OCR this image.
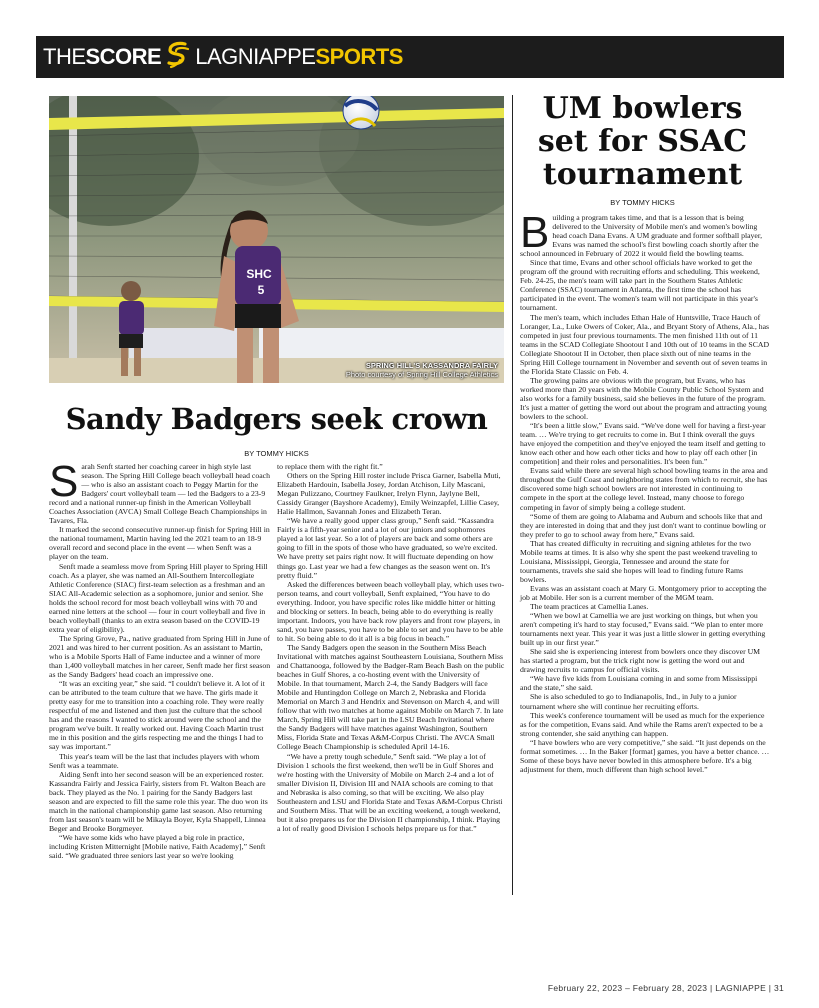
THE SCORE LAGNIAPPE SPORTS
SHC
5
SPRING HILL'S KASSANDRA FAIRLY
Photo courtesy of Spring Hill College Athletics
Sandy Badgers seek crown
BY TOMMY HICKS

Sarah Senft started her coaching career in high style last season. The Spring Hill College beach volleyball head coach — who is also an assistant coach to Peggy Martin for the Badgers' court volleyball team — led the Badgers to a 23-9 record and a national runner-up finish in the American Volleyball Coaches Association (AVCA) Small College Beach Championships in Tavares, Fla.

It marked the second consecutive runner-up finish for Spring Hill in the national tournament, Martin having led the 2021 team to an 18-9 overall record and second place in the event — when Senft was a player on the team.

Senft made a seamless move from Spring Hill player to Spring Hill coach. As a player, she was named an All-Southern Intercollegiate Athletic Conference (SIAC) first-team selection as a freshman and an SIAC All-Academic selection as a sophomore, junior and senior. She holds the school record for most beach volleyball wins with 70 and earned nine letters at the school — four in court volleyball and five in beach volleyball (thanks to an extra season based on the COVID-19 extra year of eligibility).

The Spring Grove, Pa., native graduated from Spring Hill in June of 2021 and was hired to her current position. As an assistant to Martin, who is a Mobile Sports Hall of Fame inductee and a winner of more than 1,400 volleyball matches in her career, Senft made her first season as the Sandy Badgers' head coach an impressive one.

“It was an exciting year,” she said. “I couldn't believe it. A lot of it can be attributed to the team culture that we have. The girls made it pretty easy for me to transition into a coaching role. They were really respectful of me and listened and then just the culture that the school has and the reasons I wanted to stick around were the school and the program we've built. It really worked out. Having Coach Martin trust me in this position and the girls respecting me and the things I had to say was important.”

This year's team will be the last that includes players with whom Senft was a teammate.

Aiding Senft into her second season will be an experienced roster. Kassandra Fairly and Jessica Fairly, sisters from Ft. Walton Beach are back. They played as the No. 1 pairing for the Sandy Badgers last season and are expected to fill the same role this year. The duo won its match in the national championship game last season. Also returning from last season's team will be Mikayla Boyer, Kyla Shappell, Linnea Beger and Brooke Borgmeyer.

“We have some kids who have played a big role in practice, including Kristen Mitternight [Mobile native, Faith Academy],” Senft said. “We graduated three seniors last year so we're looking

to replace them with the right fit.”

Others on the Spring Hill roster include Prisca Garner, Isabella Muti, Elizabeth Hardouin, Isabella Josey, Jordan Atchison, Lily Mascani, Megan Pulizzano, Courtney Faulkner, Irelyn Flynn, Jaylyne Bell, Cassidy Granger (Bayshore Academy), Emily Weinzapfel, Lillie Casey, Halie Hallmon, Savannah Jones and Elizabeth Teran.

“We have a really good upper class group,” Senft said. “Kassandra Fairly is a fifth-year senior and a lot of our juniors and sophomores played a lot last year. So a lot of players are back and some others are going to fill in the spots of those who have graduated, so we're excited. We have pretty set pairs right now. It will fluctuate depending on how things go. Last year we had a few changes as the season went on. It's pretty fluid.”

Asked the differences between beach volleyball play, which uses two-person teams, and court volleyball, Senft explained, “You have to do everything. Indoor, you have specific roles like middle hitter or hitting and blocking or setters. In beach, being able to do everything is really important. Indoors, you have back row players and front row players, in sand, you have passes, you have to be able to set and you have to be able to hit. So being able to do it all is a big focus in beach.”

The Sandy Badgers open the season in the Southern Miss Beach Invitational with matches against Southeastern Louisiana, Southern Miss and Chattanooga, followed by the Badger-Ram Beach Bash on the public beaches in Gulf Shores, a co-hosting event with the University of Mobile. In that tournament, March 2-4, the Sandy Badgers will face Mobile and Huntingdon College on March 2, Nebraska and Florida Memorial on March 3 and Hendrix and Stevenson on March 4, and will follow that with two matches at home against Mobile on March 7. In late March, Spring Hill will take part in the LSU Beach Invitational where the Sandy Badgers will have matches against Washington, Southern Miss, Florida State and Texas A&M-Corpus Christi. The AVCA Small College Beach Championship is scheduled April 14-16.

“We have a pretty tough schedule,” Senft said. “We play a lot of Division 1 schools the first weekend, then we'll be in Gulf Shores and we're hosting with the University of Mobile on March 2-4 and a lot of smaller Division II, Division III and NAIA schools are coming to that and Nebraska is also coming, so that will be exciting. We also play Southeastern and LSU and Florida State and Texas A&M-Corpus Christi and Southern Miss. That will be an exciting weekend, a tough weekend, but it also prepares us for the Division II championship, I think. Playing a lot of really good Division I schools helps prepare us for that.”

UM bowlers set for SSAC tournament
BY TOMMY HICKS

Building a program takes time, and that is a lesson that is being delivered to the University of Mobile men's and women's bowling head coach Dana Evans. A UM graduate and former softball player, Evans was named the school's first bowling coach shortly after the school announced in February of 2022 it would field the bowling teams.

Since that time, Evans and other school officials have worked to get the program off the ground with recruiting efforts and scheduling. This weekend, Feb. 24-25, the men's team will take part in the Southern States Athletic Conference (SSAC) tournament in Atlanta, the first time the school has participated in the event. The women's team will not participate in this year's tournament.

The men's team, which includes Ethan Hale of Huntsville, Trace Hauch of Loranger, La., Luke Owers of Coker, Ala., and Bryant Story of Athens, Ala., has competed in just four previous tournaments. The men finished 11th out of 11 teams in the SCAD Collegiate Shootout I and 10th out of 10 teams in the SCAD Collegiate Shootout II in October, then place sixth out of nine teams in the Spring Hill College tournament in November and seventh out of seven teams in the Florida State Classic on Feb. 4.

The growing pains are obvious with the program, but Evans, who has worked more than 20 years with the Mobile County Public School System and also works for a family business, said she believes in the future of the program. It's just a matter of getting the word out about the program and attracting young bowlers to the school.

“It's been a little slow,” Evans said. “We've done well for having a first-year team. … We're trying to get recruits to come in. But I think overall the guys have enjoyed the competition and they've enjoyed the team itself and getting to know each other and how each other ticks and how to play off each other [in competition] and their roles and personalities. It's been fun.”

Evans said while there are several high school bowling teams in the area and throughout the Gulf Coast and neighboring states from which to recruit, she has discovered some high school bowlers are not interested in continuing to compete in the sport at the college level. Instead, many choose to forego competing in favor of simply being a college student.

“Some of them are going to Alabama and Auburn and schools like that and they are interested in doing that and they just don't want to continue bowling or they prefer to go to school away from here,” Evans said.

That has created difficulty in recruiting and signing athletes for the two Mobile teams at times. It is also why she spent the past weekend traveling to Louisiana, Mississippi, Georgia, Tennessee and around the state for tournaments, travels she said she hopes will lead to finding future Rams bowlers.

Evans was an assistant coach at Mary G. Montgomery prior to accepting the job at Mobile. Her son is a current member of the MGM team.

The team practices at Camellia Lanes.

“When we bowl at Camellia we are just working on things, but when you aren't competing it's hard to stay focused,” Evans said. “We plan to enter more tournaments next year. This year it was just a little slower in getting everything built up in our first year.”

She said she is experiencing interest from bowlers once they discover UM has started a program, but the trick right now is getting the word out and drawing recruits to campus for official visits.

“We have five kids from Louisiana coming in and some from Mississippi and the state,” she said.

She is also scheduled to go to Indianapolis, Ind., in July to a junior tournament where she will continue her recruiting efforts.

This week's conference tournament will be used as much for the experience as for the competition, Evans said. And while the Rams aren't expected to be a strong contender, she said anything can happen.

“I have bowlers who are very competitive,” she said. “It just depends on the format sometimes. … In the Baker [format] games, you have a better chance. … Some of these boys have never bowled in this atmosphere before. It's a big adjustment for them, much different than high school level.”

February 22, 2023 – February 28, 2023 | LAGNIAPPE | 31
